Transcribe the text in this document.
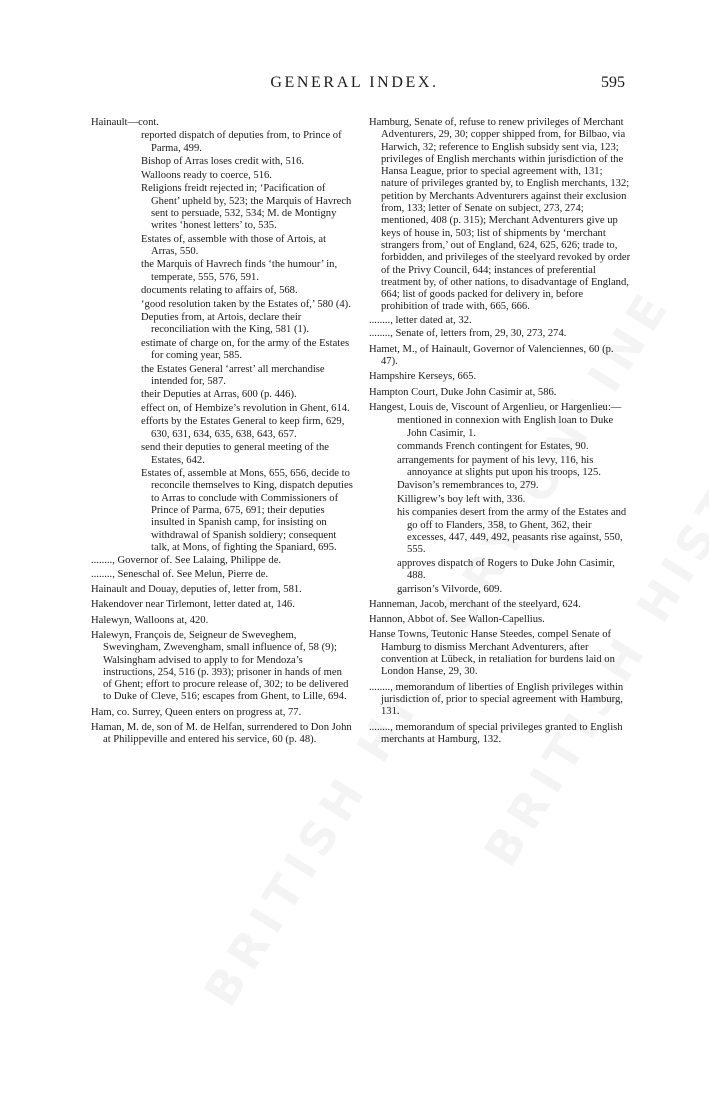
GENERAL INDEX.	595

Hainault—cont.

reported dispatch of deputies from, to Prince of Parma, 499.

Bishop of Arras loses credit with, 516.

Walloons ready to coerce, 516.

Religions freidt rejected in; ‘Pacification of Ghent’ upheld by, 523; the Marquis of Havrech sent to persuade, 532, 534; M. de Montigny writes ‘honest letters’ to, 535.

Estates of, assemble with those of Artois, at Arras, 550.

the Marquis of Havrech finds ‘the humour’ in, temperate, 555, 576, 591.

documents relating to affairs of, 568.

‘good resolution taken by the Estates of,’ 580 (4).

Deputies from, at Artois, declare their reconciliation with the King, 581 (1).

estimate of charge on, for the army of the Estates for coming year, 585.

the Estates General ‘arrest’ all merchandise intended for, 587.

their Deputies at Arras, 600 (p. 446).

effect on, of Hembize’s revolution in Ghent, 614.

efforts by the Estates General to keep firm, 629, 630, 631, 634, 635, 638, 643, 657.

send their deputies to general meeting of the Estates, 642.

Estates of, assemble at Mons, 655, 656, decide to reconcile themselves to King, dispatch deputies to Arras to conclude with Commissioners of Prince of Parma, 675, 691; their deputies insulted in Spanish camp, for insisting on withdrawal of Spanish soldiery; consequent talk, at Mons, of fighting the Spaniard, 695.

........, Governor of. See Lalaing, Philippe de.

........, Seneschal of. See Melun, Pierre de.

Hainault and Douay, deputies of, letter from, 581.

Hakendover near Tirlemont, letter dated at, 146.

Halewyn, Walloons at, 420.

Halewyn, François de, Seigneur de Sweveghem, Swevingham, Zwevengham, small influence of, 58 (9); Walsingham advised to apply to for Mendoza’s instructions, 254, 516 (p. 393); prisoner in hands of men of Ghent; effort to procure release of, 302; to be delivered to Duke of Cleve, 516; escapes from Ghent, to Lille, 694.

Ham, co. Surrey, Queen enters on progress at, 77.

Haman, M. de, son of M. de Helfan, surrendered to Don John at Philippeville and entered his service, 60 (p. 48).

Hamburg, Senate of, refuse to renew privileges of Merchant Adventurers, 29, 30; copper shipped from, for Bilbao, via Harwich, 32; reference to English subsidy sent via, 123; privileges of English merchants within jurisdiction of the Hansa League, prior to special agreement with, 131; nature of privileges granted by, to English merchants, 132; petition by Merchants Adventurers against their exclusion from, 133; letter of Senate on subject, 273, 274; mentioned, 408 (p. 315); Merchant Adventurers give up keys of house in, 503; list of shipments by ‘merchant strangers from,’ out of England, 624, 625, 626; trade to, forbidden, and privileges of the steelyard revoked by order of the Privy Council, 644; instances of preferential treatment by, of other nations, to disadvantage of England, 664; list of goods packed for delivery in, before prohibition of trade with, 665, 666.

........, letter dated at, 32.

........, Senate of, letters from, 29, 30, 273, 274.

Hamet, M., of Hainault, Governor of Valenciennes, 60 (p. 47).

Hampshire Kerseys, 665.

Hampton Court, Duke John Casimir at, 586.

Hangest, Louis de, Viscount of Argenlieu, or Hargenlieu:—

mentioned in connexion with English loan to Duke John Casimir, 1.

commands French contingent for Estates, 90.

arrangements for payment of his levy, 116, his annoyance at slights put upon his troops, 125.

Davison’s remembrances to, 279.

Killigrew’s boy left with, 336.

his companies desert from the army of the Estates and go off to Flanders, 358, to Ghent, 362, their excesses, 447, 449, 492, peasants rise against, 550, 555.

approves dispatch of Rogers to Duke John Casimir, 488.

garrison’s Vilvorde, 609.

Hanneman, Jacob, merchant of the steelyard, 624.

Hannon, Abbot of. See Wallon-Capellius.

Hanse Towns, Teutonic Hanse Steedes, compel Senate of Hamburg to dismiss Merchant Adventurers, after convention at Lübeck, in retaliation for burdens laid on London Hanse, 29, 30.

........, memorandum of liberties of English privileges within jurisdiction of, prior to special agreement with Hamburg, 131.

........, memorandum of special privileges granted to English merchants at Hamburg, 132.
